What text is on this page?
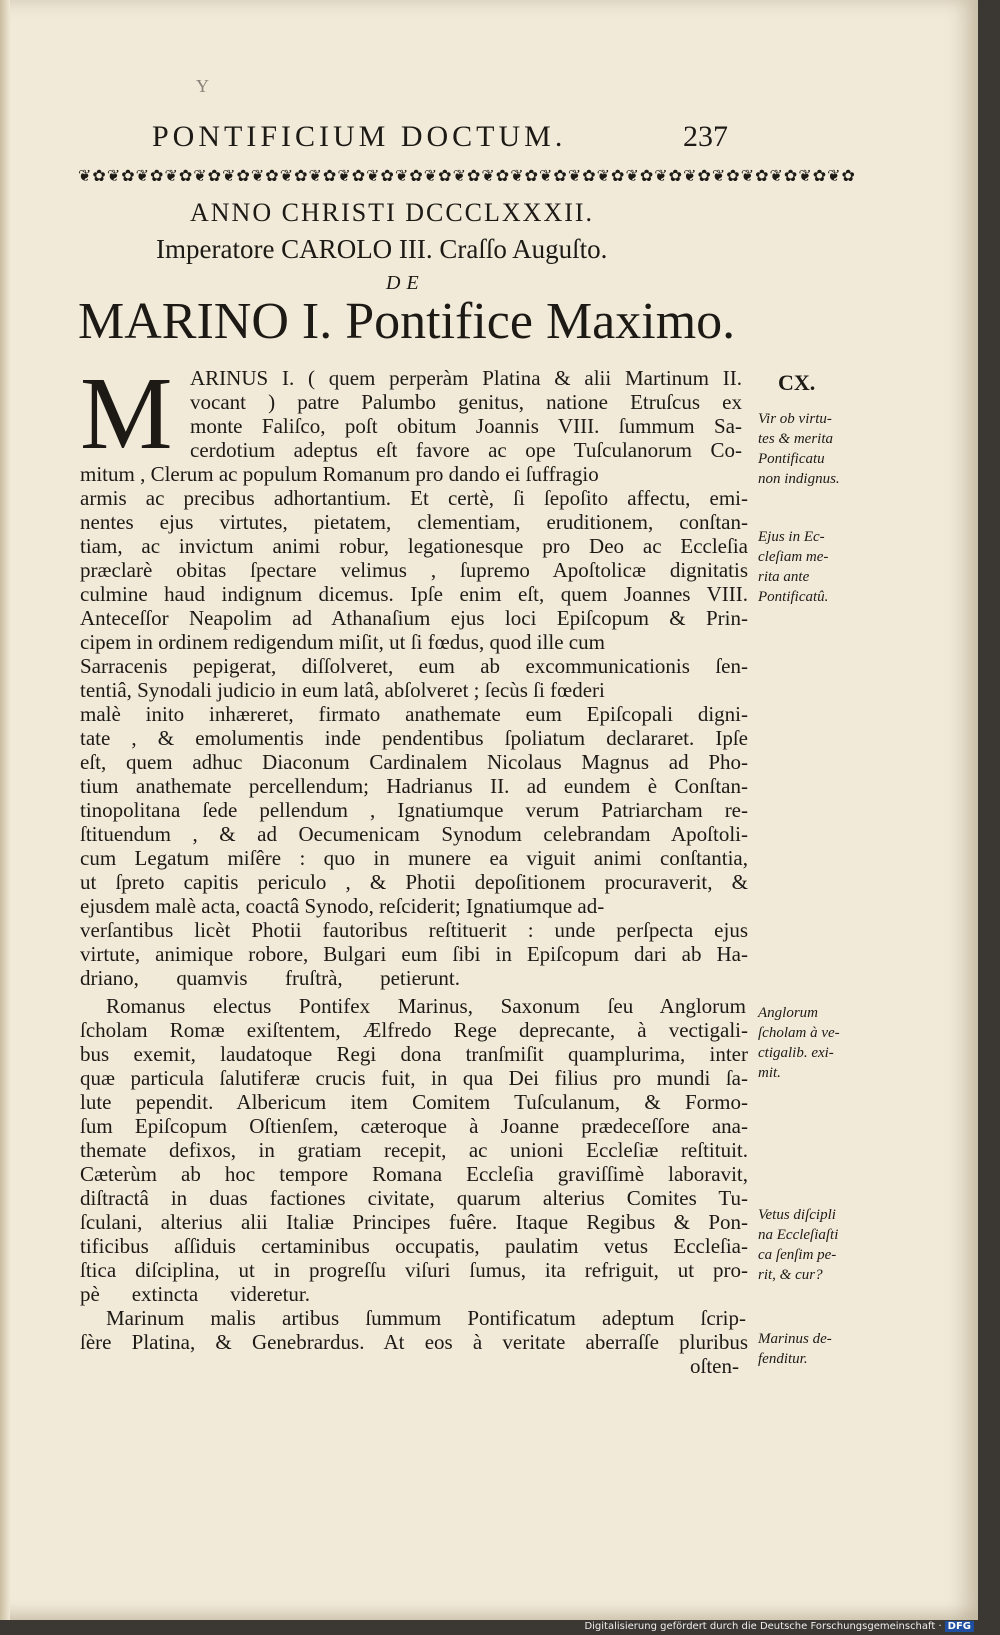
Y
PONTIFICIUM DOCTUM.	237
❦✿❦✿❦✿❦✿❦✿❦✿❦✿❦✿❦✿❦✿❦✿❦✿❦✿❦✿❦✿❦✿❦✿❦✿❦✿❦✿❦✿❦✿❦✿❦✿❦✿❦✿❦✿
ANNO CHRISTI DCCCLXXXII.
Imperatore CAROLO III. Craſſo Auguſto.
DE
MARINO I. Pontifice Maximo.
M	CX.
ARINUS I. ( quem perperàm Platina & alii Martinum II.
vocant ) patre Palumbo genitus, natione Etruſcus ex
monte Faliſco, poſt obitum Joannis VIII. ſummum Sa-
cerdotium adeptus eſt favore ac ope Tuſculanorum Co-
mitum , Clerum ac populum Romanum pro dando ei ſuffragio
armis ac precibus adhortantium. Et certè, ſi ſepoſito affectu, emi-
nentes ejus virtutes, pietatem, clementiam, eruditionem, conſtan-
tiam, ac invictum animi robur, legationesque pro Deo ac Eccleſia
præclarè obitas ſpectare velimus , ſupremo Apoſtolicæ dignitatis
culmine haud indignum dicemus. Ipſe enim eſt, quem Joannes VIII.
Anteceſſor Neapolim ad Athanaſium ejus loci Epiſcopum & Prin-
cipem in ordinem redigendum miſit, ut ſi fœdus, quod ille cum
Sarracenis pepigerat, diſſolveret, eum ab excommunicationis ſen-
tentiâ, Synodali judicio in eum latâ, abſolveret ; ſecùs ſi fœderi
malè inito inhæreret, firmato anathemate eum Epiſcopali digni-
tate , & emolumentis inde pendentibus ſpoliatum declararet. Ipſe
eſt, quem adhuc Diaconum Cardinalem Nicolaus Magnus ad Pho-
tium anathemate percellendum; Hadrianus II. ad eundem è Conſtan-
tinopolitana ſede pellendum , Ignatiumque verum Patriarcham re-
ſtituendum , & ad Oecumenicam Synodum celebrandam Apoſtoli-
cum Legatum miſêre : quo in munere ea viguit animi conſtantia,
ut ſpreto capitis periculo , & Photii depoſitionem procuraverit, &
ejusdem malè acta, coactâ Synodo, reſciderit; Ignatiumque ad-
verſantibus licèt Photii fautoribus reſtituerit : unde perſpecta ejus
virtute, animique robore, Bulgari eum ſibi in Epiſcopum dari ab Ha-
driano, quamvis fruſtrà, petierunt.
Romanus electus Pontifex Marinus, Saxonum ſeu Anglorum
ſcholam Romæ exiſtentem, Ælfredo Rege deprecante, à vectigali-
bus exemit, laudatoque Regi dona tranſmiſit quamplurima, inter
quæ particula ſalutiferæ crucis fuit, in qua Dei filius pro mundi ſa-
lute pependit. Albericum item Comitem Tuſculanum, & Formo-
ſum Epiſcopum Oſtienſem, cæteroque à Joanne prædeceſſore ana-
themate defixos, in gratiam recepit, ac unioni Eccleſiæ reſtituit.
Cæterùm ab hoc tempore Romana Eccleſia graviſſimè laboravit,
diſtractâ in duas factiones civitate, quarum alterius Comites Tu-
ſculani, alterius alii Italiæ Principes fuêre. Itaque Regibus & Pon-
tificibus aſſiduis certaminibus occupatis, paulatim vetus Eccleſia-
ſtica diſciplina, ut in progreſſu viſuri ſumus, ita refriguit, ut pro-
pè extincta videretur.
Marinum malis artibus ſummum Pontificatum adeptum ſcrip-
ſère Platina, & Genebrardus. At eos à veritate aberraſſe pluribus
oſten-
Vir ob virtu-
tes & merita
Pontificatu
non indignus.
Ejus in Ec-
cleſiam me-
rita ante
Pontificatû.
Anglorum
ſcholam à ve-
ctigalib. exi-
mit.
Vetus diſcipli
na Eccleſiaſti
ca ſenſim pe-
rit, & cur?
Marinus de-
fenditur.
Digitalisierung gefördert durch die Deutsche Forschungsgemeinschaft · DFG
